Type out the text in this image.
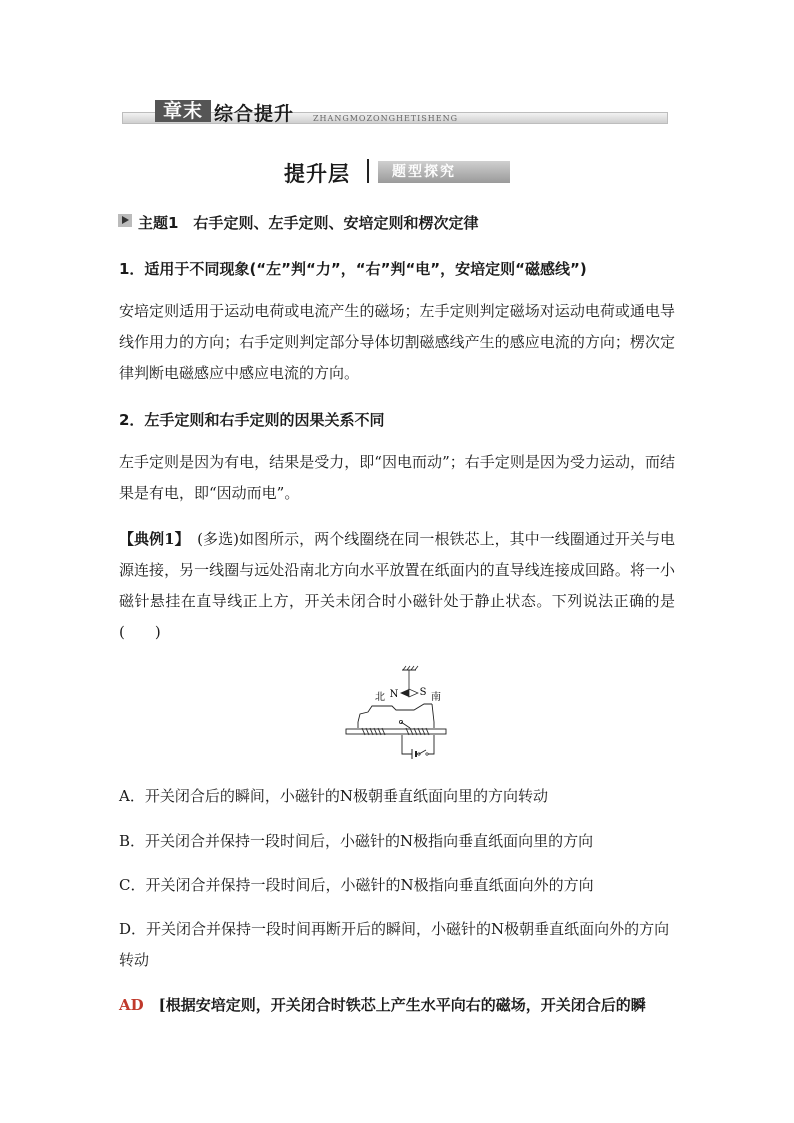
章末 综合提升 ZHANGMOZONGHETISHENG
提升层	题型探究
主题1　右手定则、左手定则、安培定则和楞次定律
1．适用于不同现象(“左”判“力”，“右”判“电”，安培定则“磁感线”)
安培定则适用于运动电荷或电流产生的磁场；左手定则判定磁场对运动电荷或通电导线作用力的方向；右手定则判定部分导体切割磁感线产生的感应电流的方向；楞次定律判断电磁感应中感应电流的方向。
2．左手定则和右手定则的因果关系不同
左手定则是因为有电，结果是受力，即“因电而动”；右手定则是因为受力运动，而结果是有电，即“因动而电”。
【典例1】　(多选)如图所示，两个线圈绕在同一根铁芯上，其中一线圈通过开关与电源连接，另一线圈与远处沿南北方向水平放置在纸面内的直导线连接成回路。将一小磁针悬挂在直导线正上方，开关未闭合时小磁针处于静止状态。下列说法正确的是(　　)
N S
北	南
A．开关闭合后的瞬间，小磁针的N极朝垂直纸面向里的方向转动
B．开关闭合并保持一段时间后，小磁针的N极指向垂直纸面向里的方向
C．开关闭合并保持一段时间后，小磁针的N极指向垂直纸面向外的方向
D．开关闭合并保持一段时间再断开后的瞬间，小磁针的N极朝垂直纸面向外的方向转动
AD　 [根据安培定则，开关闭合时铁芯上产生水平向右的磁场，开关闭合后的瞬
